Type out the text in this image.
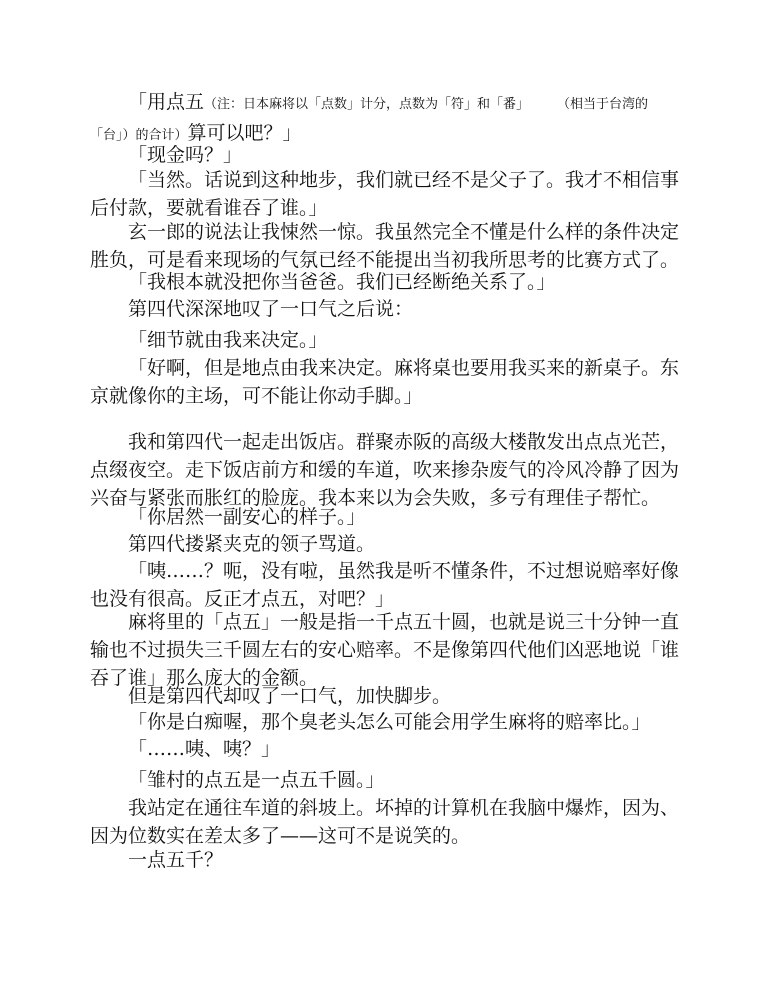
「用点五（注：日本麻将以「点数」计分，点数为「符」和「番」 （相当于台湾的「台」）的合计）算可以吧？」

「现金吗？」

「当然。话说到这种地步，我们就已经不是父子了。我才不相信事后付款，要就看谁吞了谁。」

玄一郎的说法让我悚然一惊。我虽然完全不懂是什么样的条件决定胜负，可是看来现场的气氛已经不能提出当初我所思考的比赛方式了。

「我根本就没把你当爸爸。我们已经断绝关系了。」

第四代深深地叹了一口气之后说：

「细节就由我来决定。」

「好啊，但是地点由我来决定。麻将桌也要用我买来的新桌子。东京就像你的主场，可不能让你动手脚。」

我和第四代一起走出饭店。群聚赤阪的高级大楼散发出点点光芒，点缀夜空。走下饭店前方和缓的车道，吹来掺杂废气的冷风冷静了因为兴奋与紧张而胀红的脸庞。我本来以为会失败，多亏有理佳子帮忙。

「你居然一副安心的样子。」

第四代搂紧夹克的领子骂道。

「咦……？呃，没有啦，虽然我是听不懂条件，不过想说赔率好像也没有很高。反正才点五，对吧？」

麻将里的「点五」一般是指一千点五十圆，也就是说三十分钟一直输也不过损失三千圆左右的安心赔率。不是像第四代他们凶恶地说「谁吞了谁」那么庞大的金额。

但是第四代却叹了一口气，加快脚步。

「你是白痴喔，那个臭老头怎么可能会用学生麻将的赔率比。」

「……咦、咦？」

「雏村的点五是一点五千圆。」

我站定在通往车道的斜坡上。坏掉的计算机在我脑中爆炸，因为、因为位数实在差太多了——这可不是说笑的。

一点五千？
